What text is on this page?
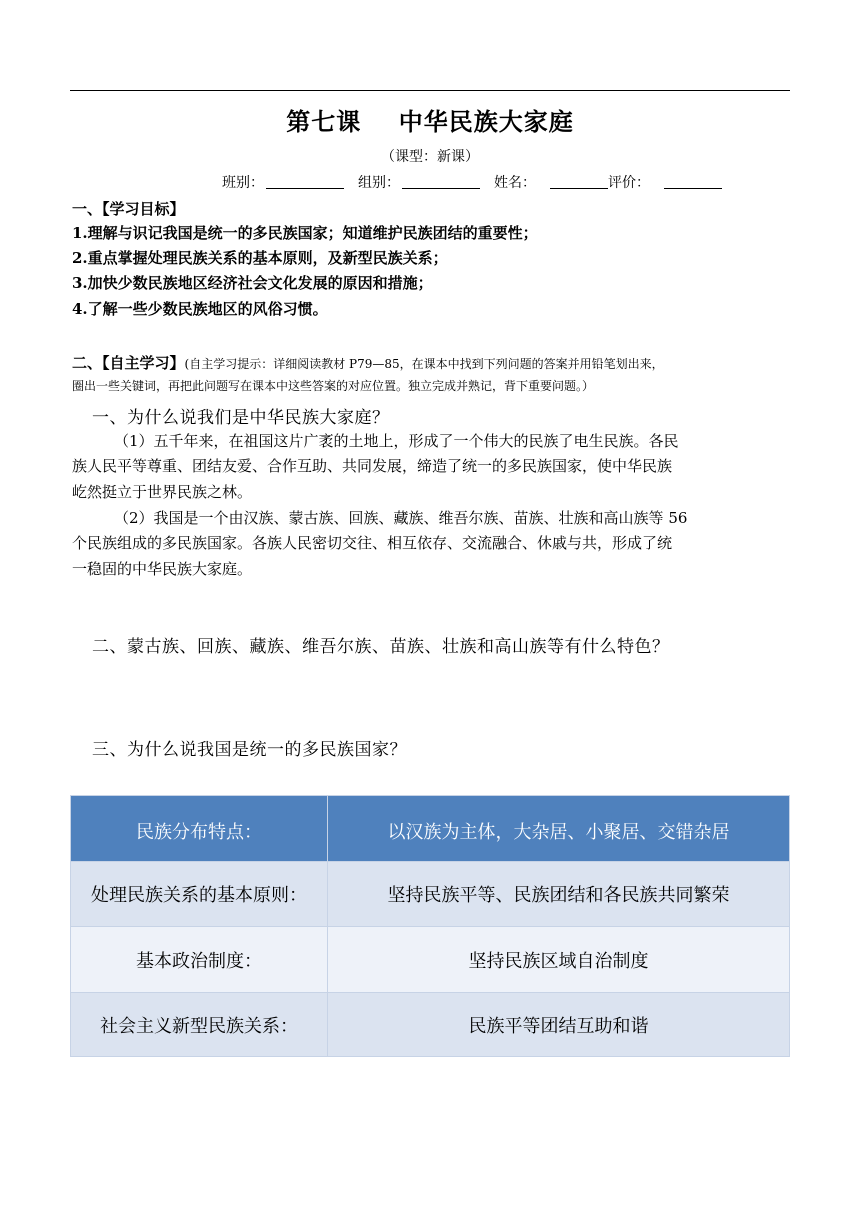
第七课    中华民族大家庭
（课型：新课）
班别：	组别：	姓名：	评价：
一、【学习目标】
1.理解与识记我国是统一的多民族国家；知道维护民族团结的重要性；
2.重点掌握处理民族关系的基本原则，及新型民族关系；
3.加快少数民族地区经济社会文化发展的原因和措施；
4.了解一些少数民族地区的风俗习惯。
二、【自主学习】(自主学习提示：详细阅读教材 P79—85，在课本中找到下列问题的答案并用铅笔划出来，
圈出一些关键词，再把此问题写在课本中这些答案的对应位置。独立完成并熟记，背下重要问题。）
一、为什么说我们是中华民族大家庭？
（1）五千年来，在祖国这片广袤的土地上，形成了一个伟大的民族了电生民族。各民
族人民平等尊重、团结友爱、合作互助、共同发展，缔造了统一的多民族国家，使中华民族
屹然挺立于世界民族之林。
（2）我国是一个由汉族、蒙古族、回族、藏族、维吾尔族、苗族、壮族和高山族等 56
个民族组成的多民族国家。各族人民密切交往、相互依存、交流融合、休戚与共，形成了统
一稳固的中华民族大家庭。
二、蒙古族、回族、藏族、维吾尔族、苗族、壮族和高山族等有什么特色？
三、为什么说我国是统一的多民族国家？
民族分布特点：	以汉族为主体，大杂居、小聚居、交错杂居
处理民族关系的基本原则：	坚持民族平等、民族团结和各民族共同繁荣
基本政治制度：	坚持民族区域自治制度
社会主义新型民族关系：	民族平等团结互助和谐
